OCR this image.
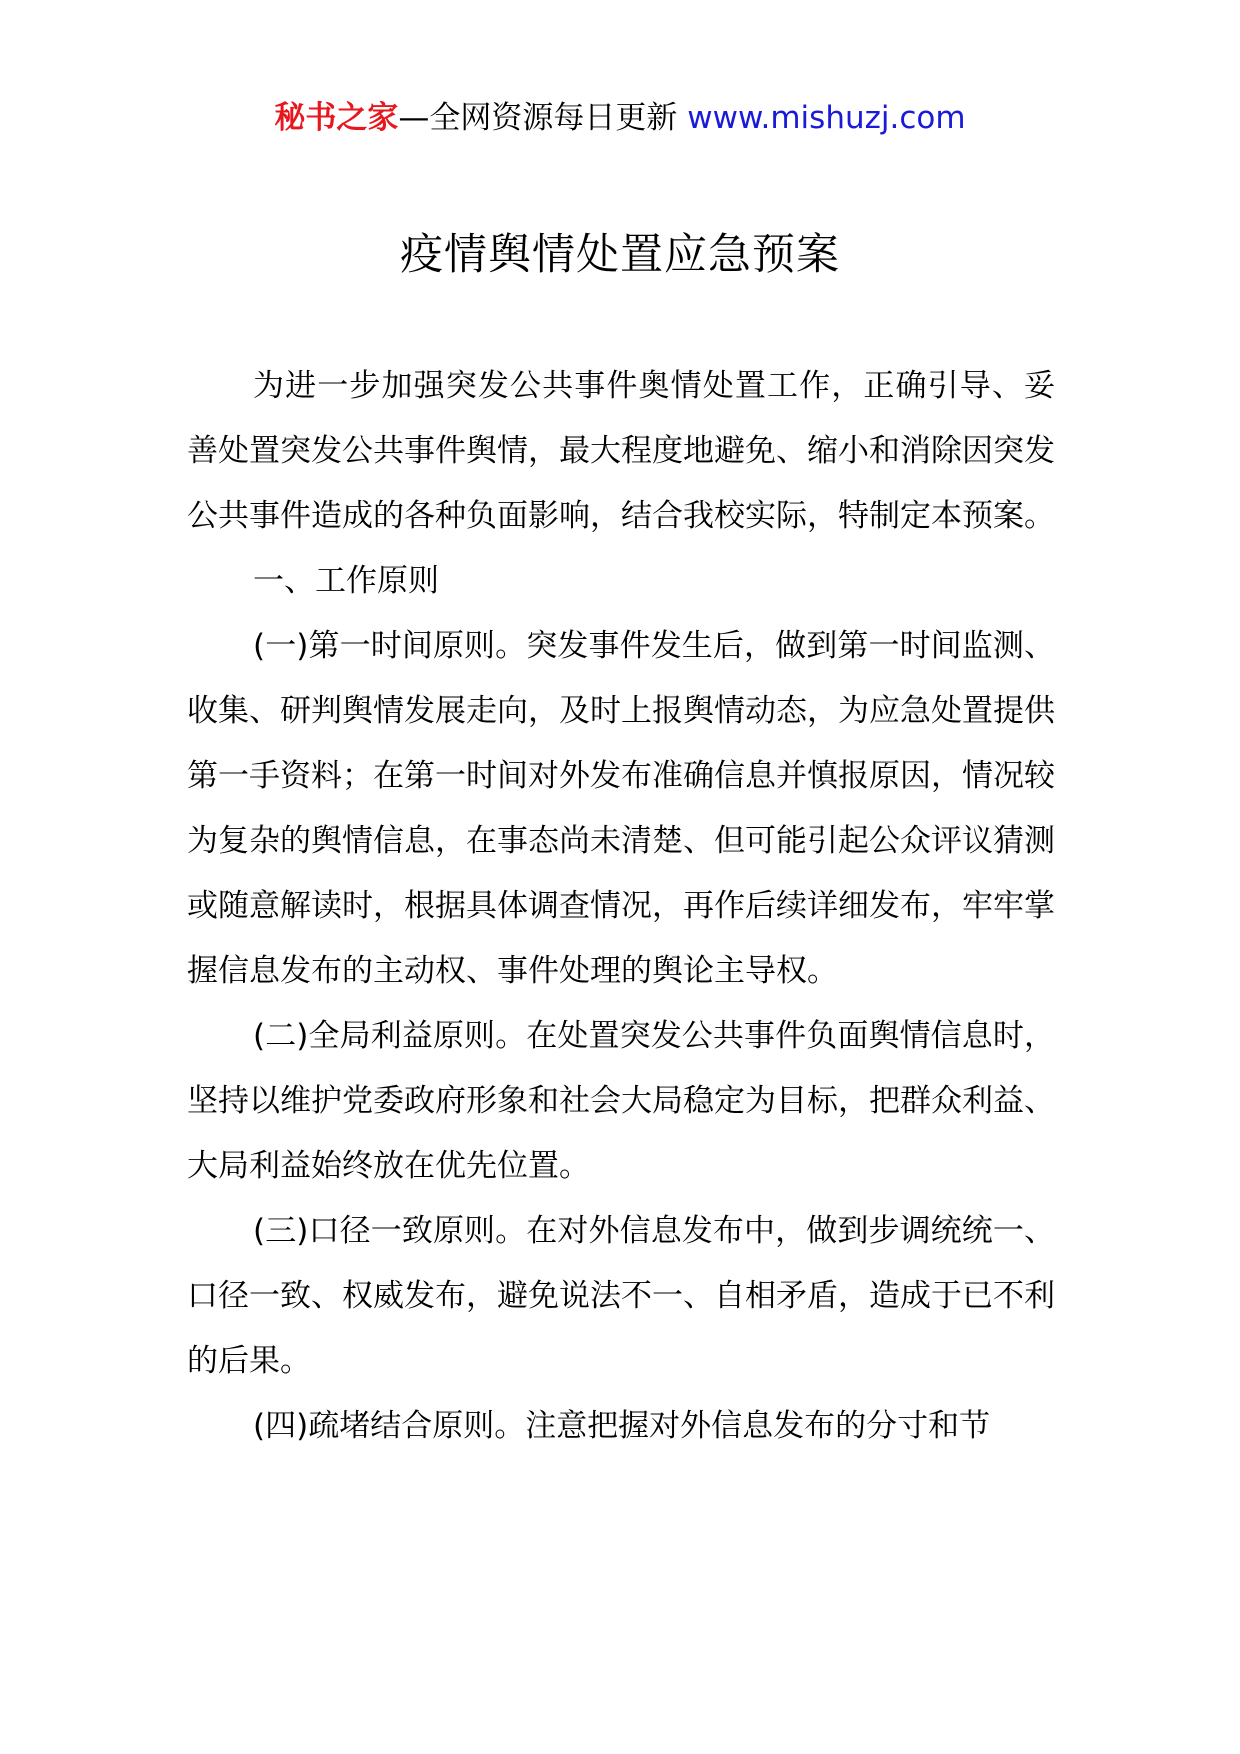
秘书之家—全网资源每日更新 www.mishuzj.com
疫情舆情处置应急预案

为进一步加强突发公共事件奥情处置工作，正确引导、妥善处置突发公共事件舆情，最大程度地避免、缩小和消除因突发公共事件造成的各种负面影响，结合我校实际，特制定本预案。

一、工作原则

(一)第一时间原则。突发事件发生后，做到第一时间监测、收集、研判舆情发展走向，及时上报舆情动态，为应急处置提供第一手资料；在第一时间对外发布准确信息并慎报原因，情况较为复杂的舆情信息，在事态尚未清楚、但可能引起公众评议猜测或随意解读时，根据具体调查情况，再作后续详细发布，牢牢掌握信息发布的主动权、事件处理的舆论主导权。

(二)全局利益原则。在处置突发公共事件负面舆情信息时，坚持以维护党委政府形象和社会大局稳定为目标，把群众利益、大局利益始终放在优先位置。

(三)口径一致原则。在对外信息发布中，做到步调统统一、口径一致、权威发布，避免说法不一、自相矛盾，造成于已不利的后果。

(四)疏堵结合原则。注意把握对外信息发布的分寸和节
